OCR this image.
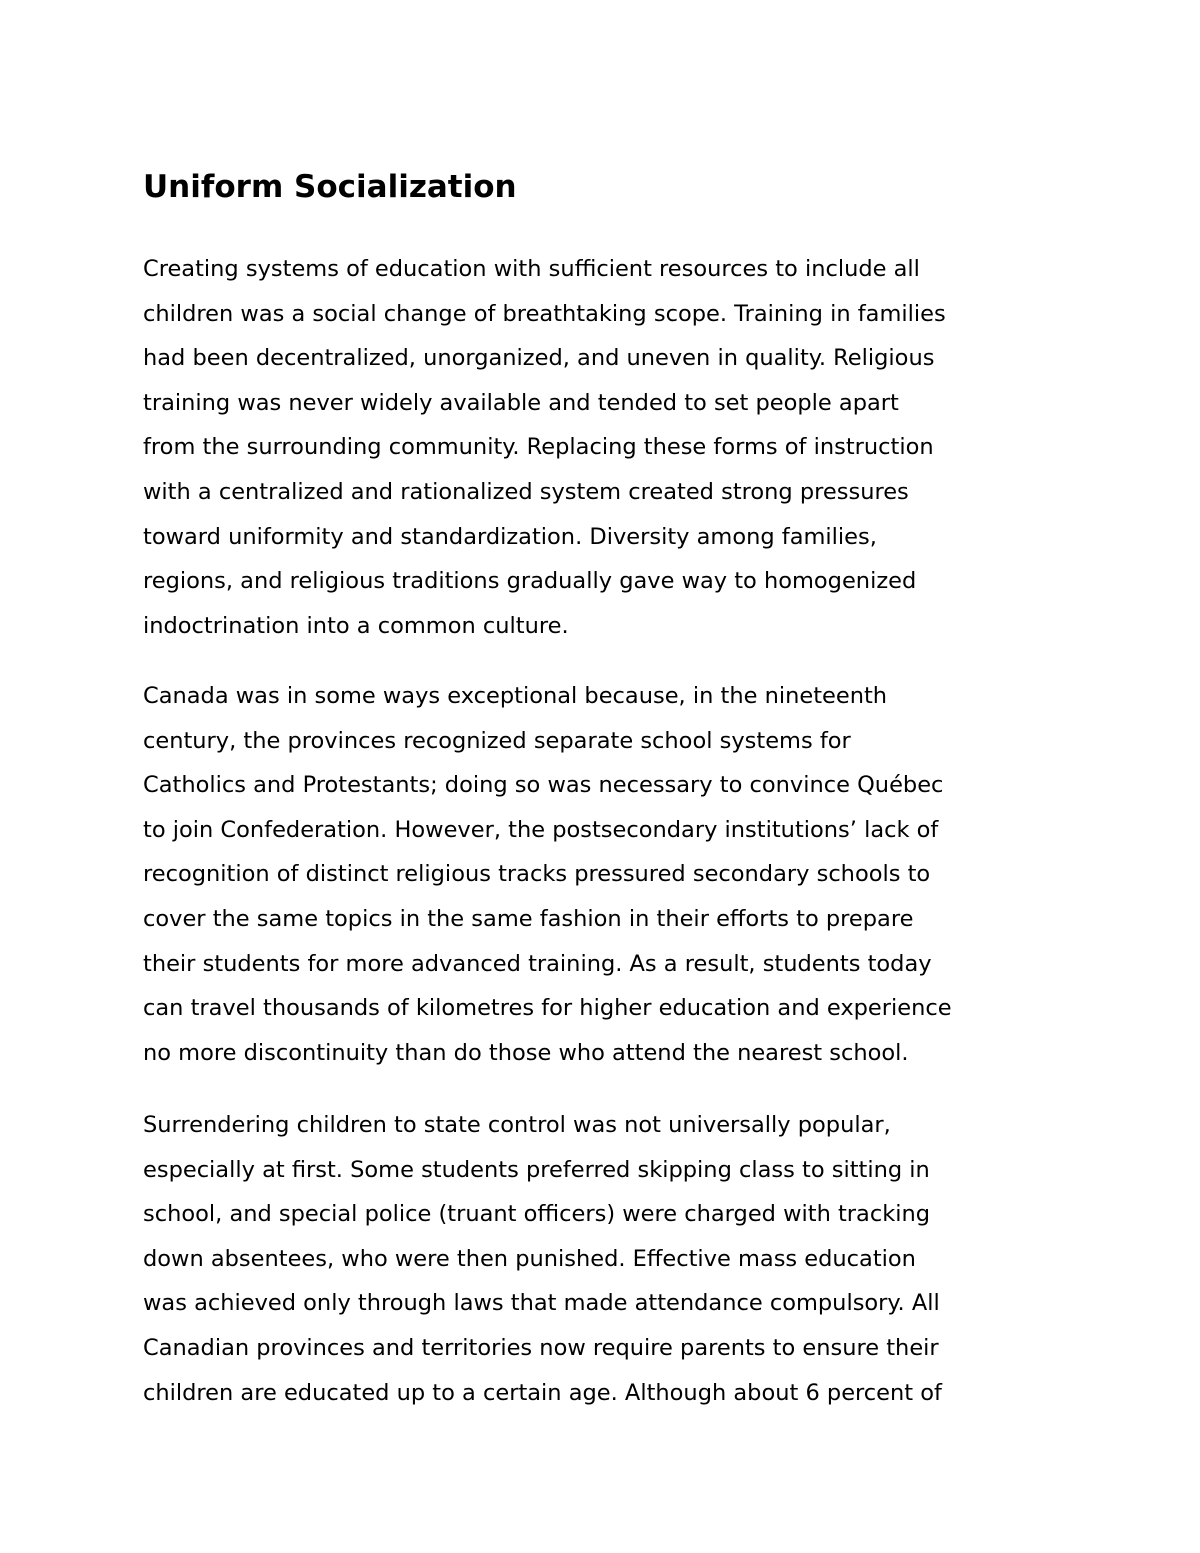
Uniform Socialization
Creating systems of education with sufficient resources to include all
children was a social change of breathtaking scope. Training in families
had been decentralized, unorganized, and uneven in quality. Religious
training was never widely available and tended to set people apart
from the surrounding community. Replacing these forms of instruction
with a centralized and rationalized system created strong pressures
toward uniformity and standardization. Diversity among families,
regions, and religious traditions gradually gave way to homogenized
indoctrination into a common culture.
Canada was in some ways exceptional because, in the nineteenth
century, the provinces recognized separate school systems for
Catholics and Protestants; doing so was necessary to convince Québec
to join Confederation. However, the postsecondary institutions’ lack of
recognition of distinct religious tracks pressured secondary schools to
cover the same topics in the same fashion in their efforts to prepare
their students for more advanced training. As a result, students today
can travel thousands of kilometres for higher education and experience
no more discontinuity than do those who attend the nearest school.
Surrendering children to state control was not universally popular,
especially at first. Some students preferred skipping class to sitting in
school, and special police (truant officers) were charged with tracking
down absentees, who were then punished. Effective mass education
was achieved only through laws that made attendance compulsory. All
Canadian provinces and territories now require parents to ensure their
children are educated up to a certain age. Although about 6 percent of
